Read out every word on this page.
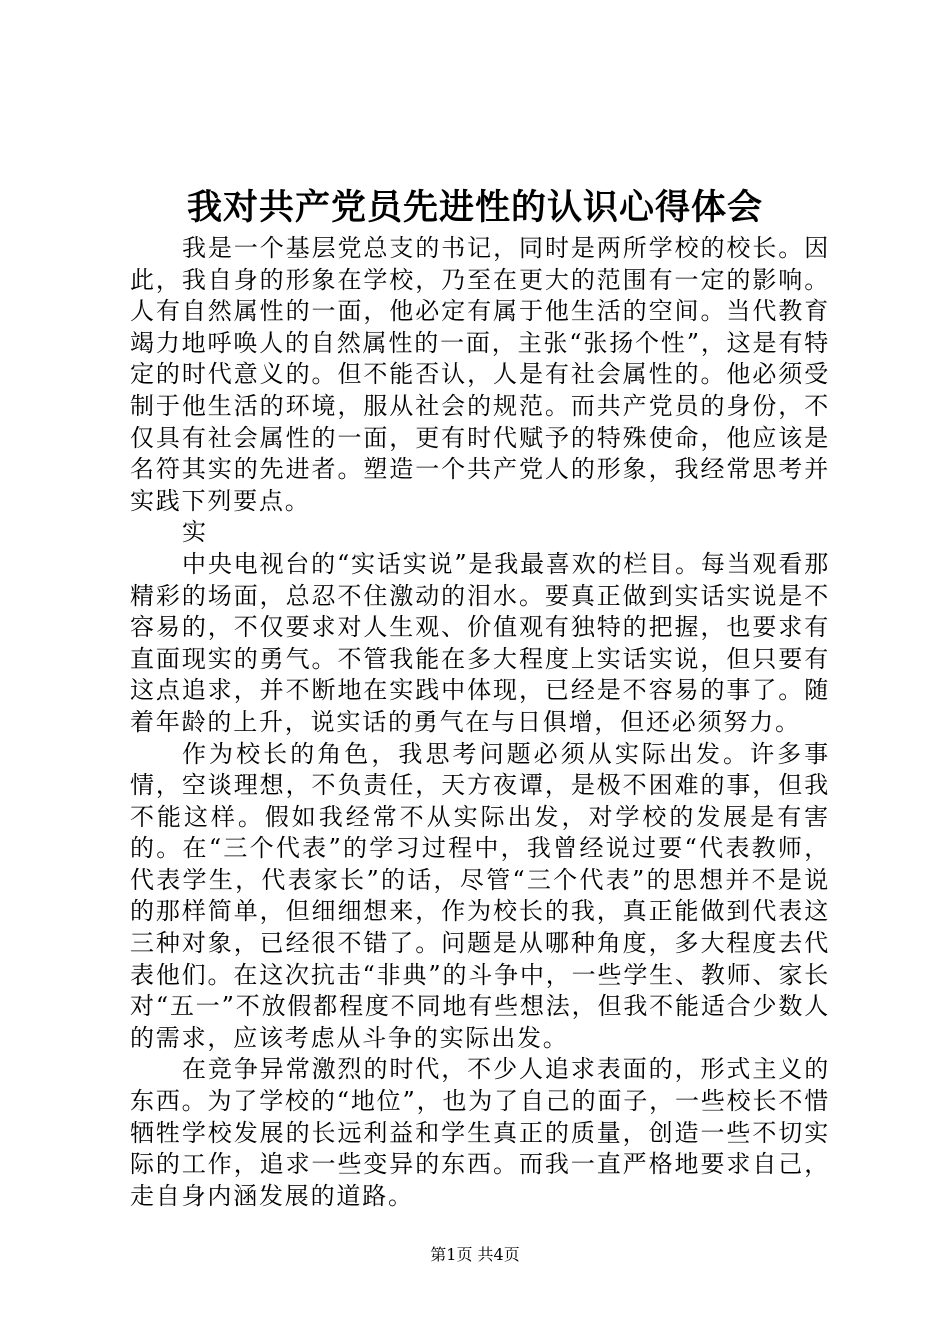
我对共产党员先进性的认识心得体会

我是一个基层党总支的书记，同时是两所学校的校长。因此，我自身的形象在学校，乃至在更大的范围有一定的影响。人有自然属性的一面，他必定有属于他生活的空间。当代教育竭力地呼唤人的自然属性的一面，主张“张扬个性”，这是有特定的时代意义的。但不能否认，人是有社会属性的。他必须受制于他生活的环境，服从社会的规范。而共产党员的身份，不仅具有社会属性的一面，更有时代赋予的特殊使命，他应该是名符其实的先进者。塑造一个共产党人的形象，我经常思考并实践下列要点。

实

中央电视台的“实话实说”是我最喜欢的栏目。每当观看那精彩的场面，总忍不住激动的泪水。要真正做到实话实说是不容易的，不仅要求对人生观、价值观有独特的把握，也要求有直面现实的勇气。不管我能在多大程度上实话实说，但只要有这点追求，并不断地在实践中体现，已经是不容易的事了。随着年龄的上升，说实话的勇气在与日俱增，但还必须努力。

作为校长的角色，我思考问题必须从实际出发。许多事情，空谈理想，不负责任，天方夜谭，是极不困难的事，但我不能这样。假如我经常不从实际出发，对学校的发展是有害的。在“三个代表”的学习过程中，我曾经说过要“代表教师，代表学生，代表家长”的话，尽管“三个代表”的思想并不是说的那样简单，但细细想来，作为校长的我，真正能做到代表这三种对象，已经很不错了。问题是从哪种角度，多大程度去代表他们。在这次抗击“非典”的斗争中，一些学生、教师、家长对“五一”不放假都程度不同地有些想法，但我不能适合少数人的需求，应该考虑从斗争的实际出发。

在竞争异常激烈的时代，不少人追求表面的，形式主义的东西。为了学校的“地位”，也为了自己的面子，一些校长不惜牺牲学校发展的长远利益和学生真正的质量，创造一些不切实际的工作，追求一些变异的东西。而我一直严格地要求自己，走自身内涵发展的道路。

第1页 共4页
